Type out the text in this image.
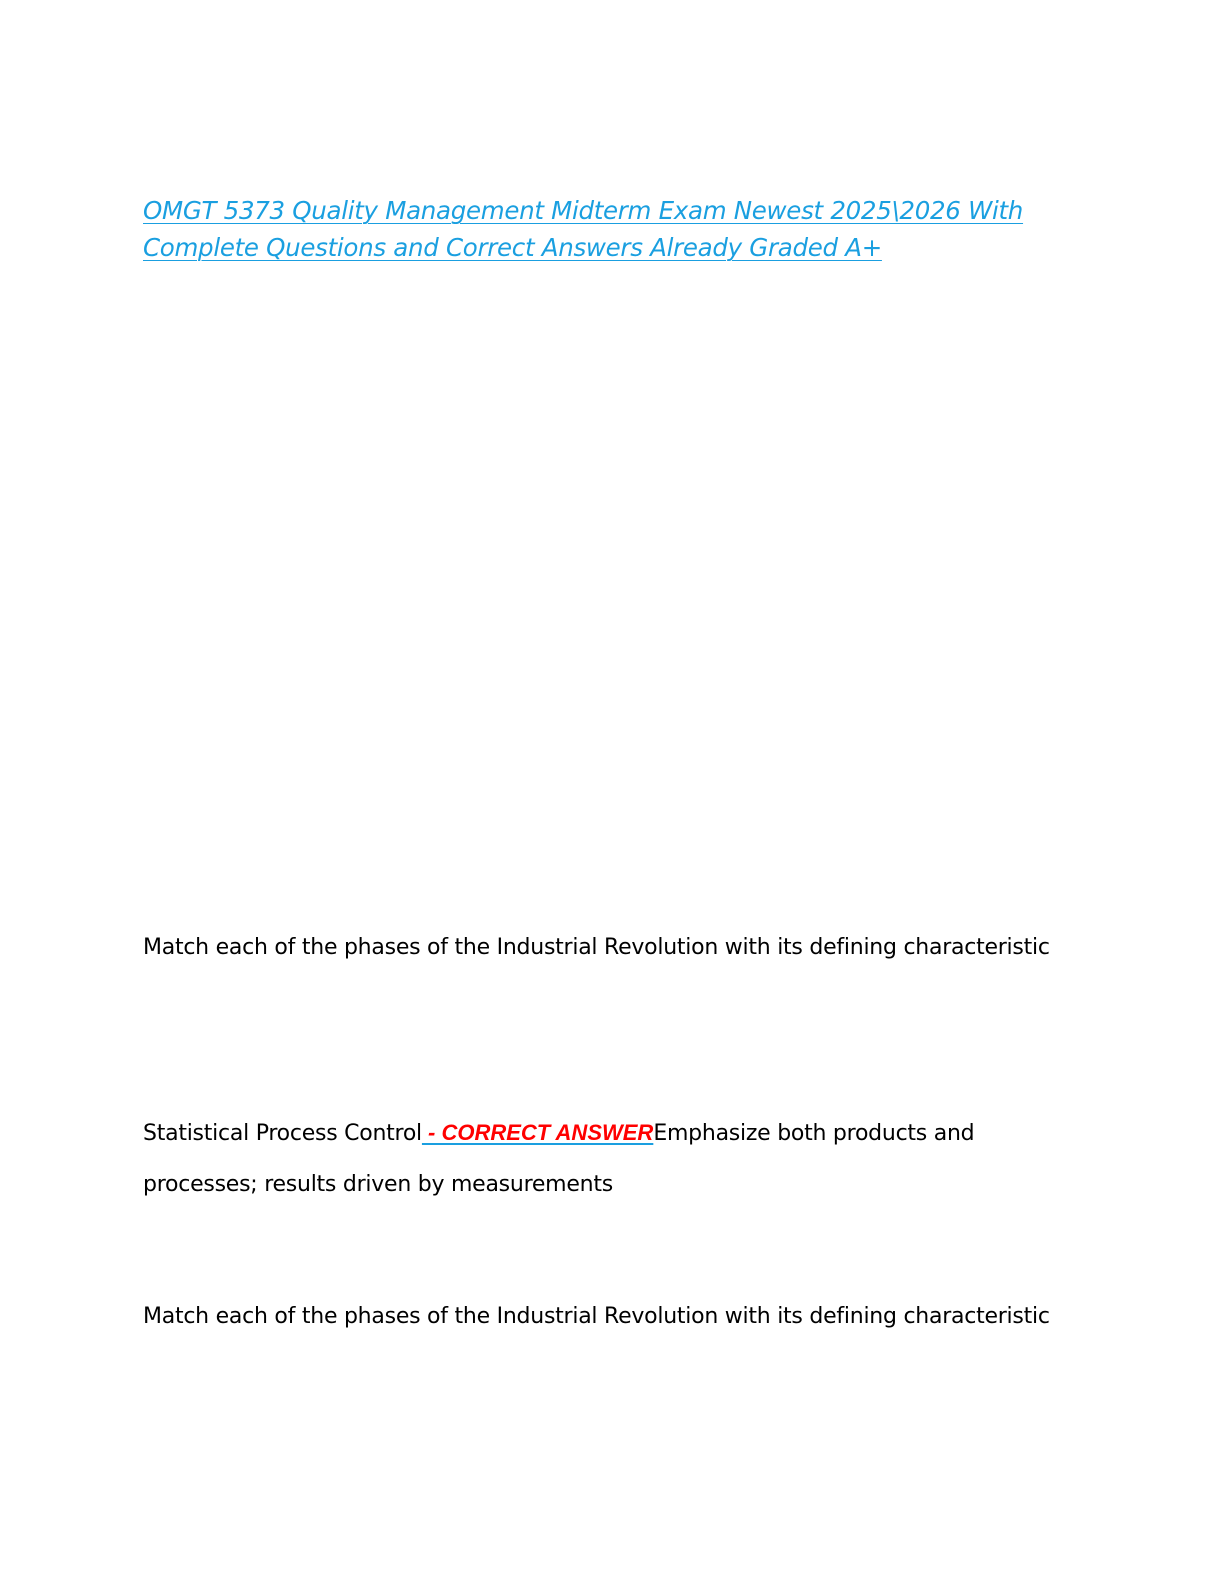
OMGT 5373 Quality Management Midterm Exam Newest 2025\2026 With Complete Questions and Correct Answers Already Graded A+

Match each of the phases of the Industrial Revolution with its defining characteristic

Statistical Process Control - CORRECT ANSWEREmphasize both products and processes; results driven by measurements

Match each of the phases of the Industrial Revolution with its defining characteristic
